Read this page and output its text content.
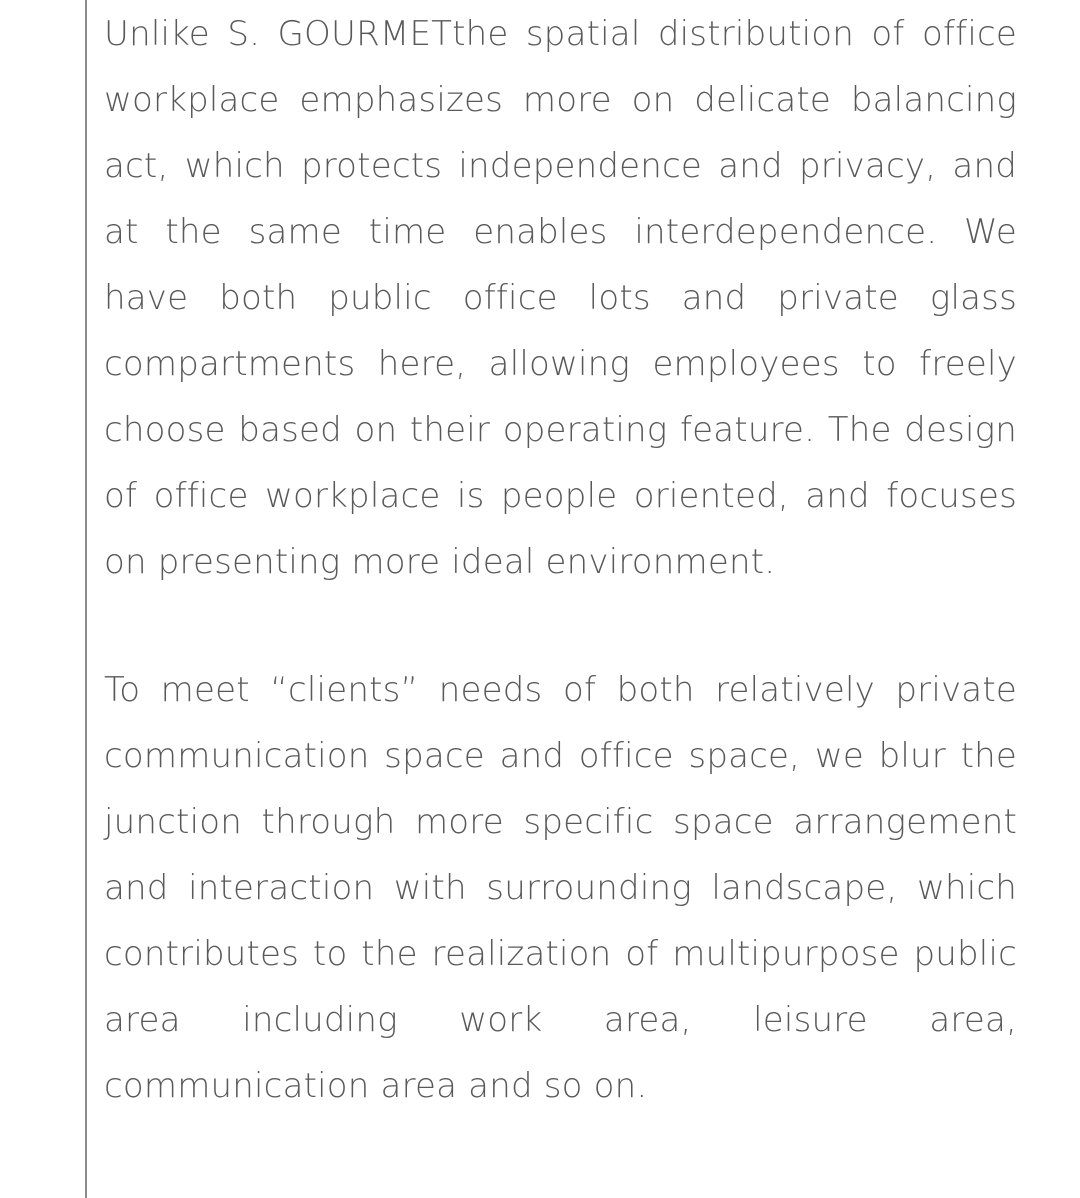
Unlike S. GOURMETthe spatial distribution of office workplace emphasizes more on delicate balancing act, which protects independence and privacy, and at the same time enables interdependence. We have both public office lots and private glass compartments here, allowing employees to freely choose based on their operating feature. The design of office workplace is people oriented, and focuses on presenting more ideal environment.

To meet “clients” needs of both relatively private communication space and office space, we blur the junction through more specific space arrangement and interaction with surrounding landscape, which contributes to the realization of multipurpose public area including work area, leisure area, communication area and so on.
